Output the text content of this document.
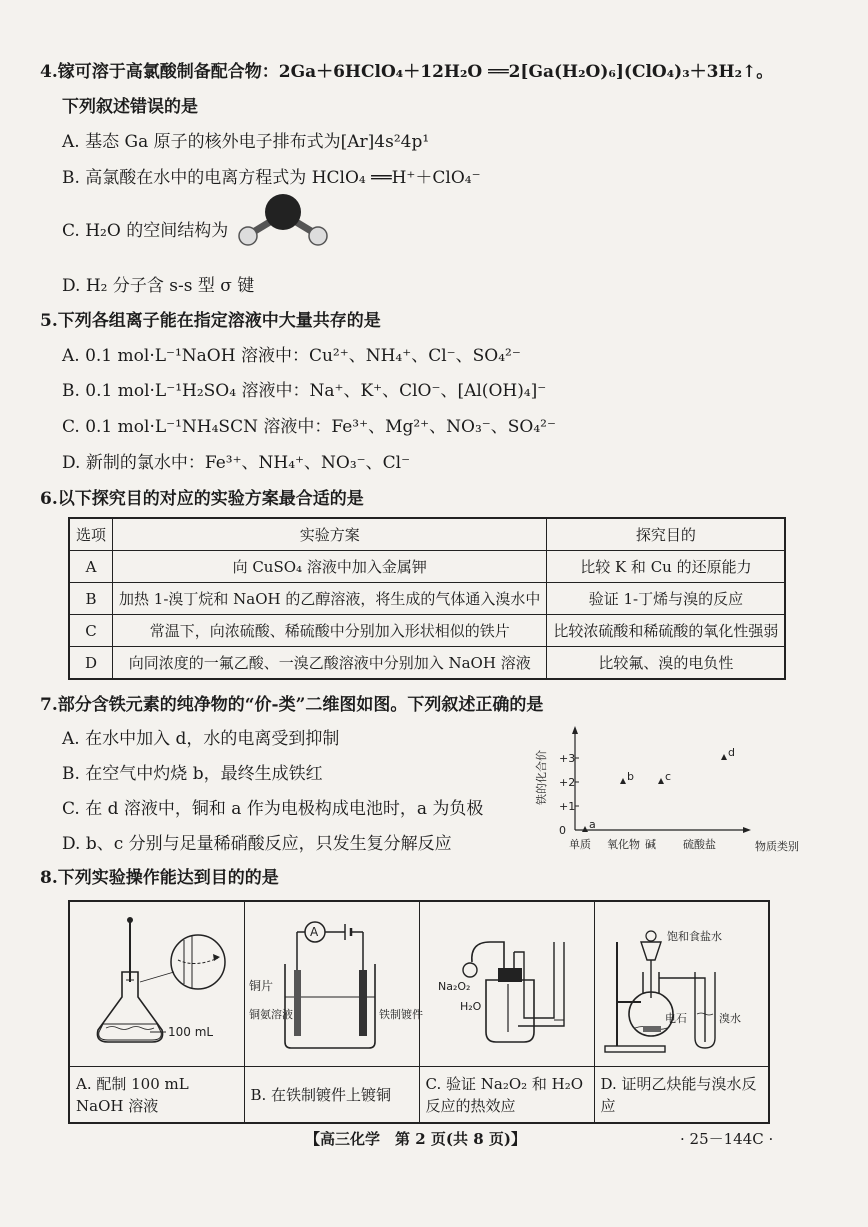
4.镓可溶于高氯酸制备配合物：2Ga＋6HClO₄＋12H₂O ══2[Ga(H₂O)₆](ClO₄)₃＋3H₂↑。
下列叙述错误的是
A. 基态 Ga 原子的核外电子排布式为[Ar]4s²4p¹
B. 高氯酸在水中的电离方程式为 HClO₄ ══H⁺＋ClO₄⁻
C. H₂O 的空间结构为
D. H₂ 分子含 s-s 型 σ 键
5.下列各组离子能在指定溶液中大量共存的是
A. 0.1 mol·L⁻¹NaOH 溶液中：Cu²⁺、NH₄⁺、Cl⁻、SO₄²⁻
B. 0.1 mol·L⁻¹H₂SO₄ 溶液中：Na⁺、K⁺、ClO⁻、[Al(OH)₄]⁻
C. 0.1 mol·L⁻¹NH₄SCN 溶液中：Fe³⁺、Mg²⁺、NO₃⁻、SO₄²⁻
D. 新制的氯水中：Fe³⁺、NH₄⁺、NO₃⁻、Cl⁻
6.以下探究目的对应的实验方案最合适的是
选项	实验方案	探究目的
A	向 CuSO₄ 溶液中加入金属钾	比较 K 和 Cu 的还原能力
B	加热 1-溴丁烷和 NaOH 的乙醇溶液，将生成的气体通入溴水中	验证 1-丁烯与溴的反应
C	常温下，向浓硫酸、稀硫酸中分别加入形状相似的铁片	比较浓硫酸和稀硫酸的氧化性强弱
D	向同浓度的一氟乙酸、一溴乙酸溶液中分别加入 NaOH 溶液	比较氟、溴的电负性
7.部分含铁元素的纯净物的“价-类”二维图如图。下列叙述正确的是
A. 在水中加入 d，水的电离受到抑制
B. 在空气中灼烧 b，最终生成铁红
C. 在 d 溶液中，铜和 a 作为电极构成电池时，a 为负极
D. b、c 分别与足量稀硝酸反应，只发生复分解反应
0
+1
+2
+3
单质 氧化物 碱 硫酸盐	物质类别
铁的化合价
a
b	c
d
8.下列实验操作能达到目的的是
100 mL	A
铜片
铜氨溶液 铁制镀件	Na₂O₂
H₂O	饱和食盐水
电石 溴水

A. 配制 100 mL NaOH 溶液	B. 在铁制镀件上镀铜	C. 验证 Na₂O₂ 和 H₂O 反应的热效应	D. 证明乙炔能与溴水反应
【高三化学　第 2 页(共 8 页)】	· 25－144C ·
